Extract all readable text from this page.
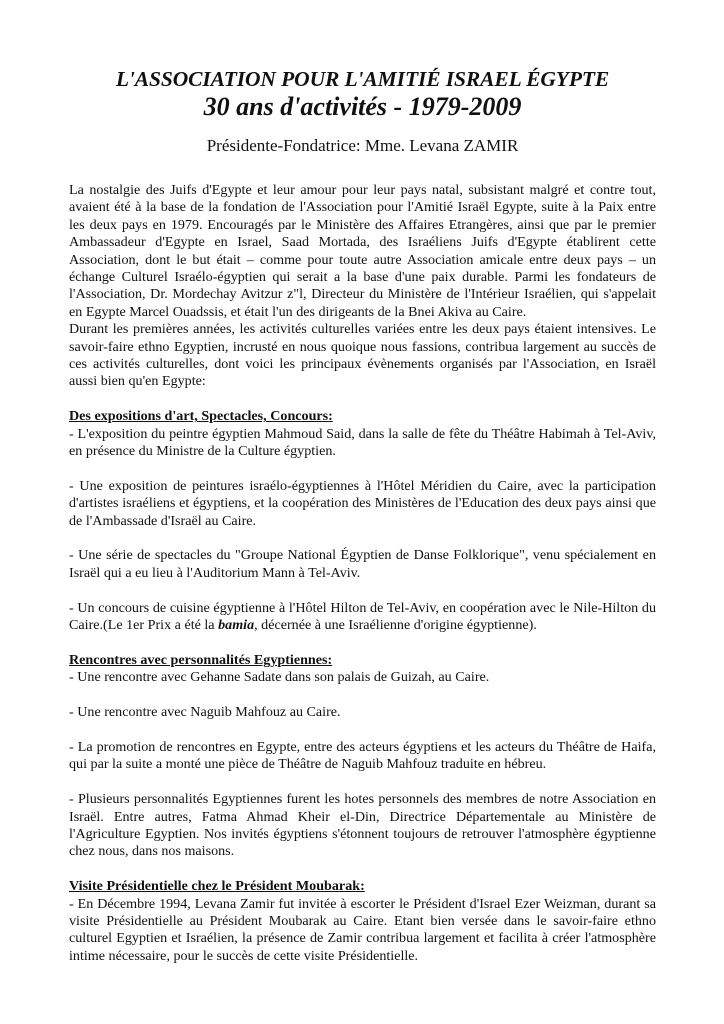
L'ASSOCIATION POUR L'AMITIÉ ISRAEL ÉGYPTE
30 ans d'activités - 1979-2009

Présidente-Fondatrice: Mme. Levana ZAMIR

La nostalgie des Juifs d'Egypte et leur amour pour leur pays natal, subsistant malgré et contre tout, avaient été à la base de la fondation de l'Association pour l'Amitié Israël Egypte, suite à la Paix entre les deux pays en 1979. Encouragés par le Ministère des Affaires Etrangères, ainsi que par le premier Ambassadeur d'Egypte en Israel, Saad Mortada, des Israéliens Juifs d'Egypte établirent cette Association, dont le but était – comme pour toute autre Association amicale entre deux pays – un échange Culturel Israélo-égyptien qui serait a la base d'une paix durable. Parmi les fondateurs de l'Association, Dr. Mordechay Avitzur z"l, Directeur du Ministère de l'Intérieur Israélien, qui s'appelait en Egypte Marcel Ouadssis, et était l'un des dirigeants de la Bnei Akiva au Caire.

Durant les premières années, les activités culturelles variées entre les deux pays étaient intensives. Le savoir-faire ethno Egyptien, incrusté en nous quoique nous fassions, contribua largement au succès de ces activités culturelles, dont voici les principaux évènements organisés par l'Association, en Israël aussi bien qu'en Egypte:

Des expositions d'art, Spectacles, Concours:

- L'exposition du peintre égyptien Mahmoud Said, dans la salle de fête du Théâtre Habimah à Tel-Aviv, en présence du Ministre de la Culture égyptien.

- Une exposition de peintures israélo-égyptiennes à l'Hôtel Méridien du Caire, avec la participation d'artistes israéliens et égyptiens, et la coopération des Ministères de l'Education des deux pays ainsi que de l'Ambassade d'Israël au Caire.

- Une série de spectacles du "Groupe National Égyptien de Danse Folklorique", venu spécialement en Israël qui a eu lieu à l'Auditorium Mann à Tel-Aviv.

- Un concours de cuisine égyptienne à l'Hôtel Hilton de Tel-Aviv, en coopération avec le Nile-Hilton du Caire.(Le 1er Prix a été la bamia, décernée à une Israélienne d'origine égyptienne).

Rencontres avec personnalités Egyptiennes:

- Une rencontre avec Gehanne Sadate dans son palais de Guizah, au Caire.

- Une rencontre avec Naguib Mahfouz au Caire.

- La promotion de rencontres en Egypte, entre des acteurs égyptiens et les acteurs du Théâtre de Haifa, qui par la suite a monté une pièce de Théâtre de Naguib Mahfouz traduite en hébreu.

- Plusieurs personnalités Egyptiennes furent les hotes personnels des membres de notre Association en Israël. Entre autres, Fatma Ahmad Kheir el-Din, Directrice Départementale au Ministère de l'Agriculture Egyptien. Nos invités égyptiens s'étonnent toujours de retrouver l'atmosphère égyptienne chez nous, dans nos maisons.

Visite Présidentielle chez le Président Moubarak:

- En Décembre 1994, Levana Zamir fut invitée à escorter le Président d'Israel Ezer Weizman, durant sa visite Présidentielle au Président Moubarak au Caire. Etant bien versée dans le savoir-faire ethno culturel Egyptien et Israélien, la présence de Zamir contribua largement et facilita à créer l'atmosphère intime nécessaire, pour le succès de cette visite Présidentielle.
